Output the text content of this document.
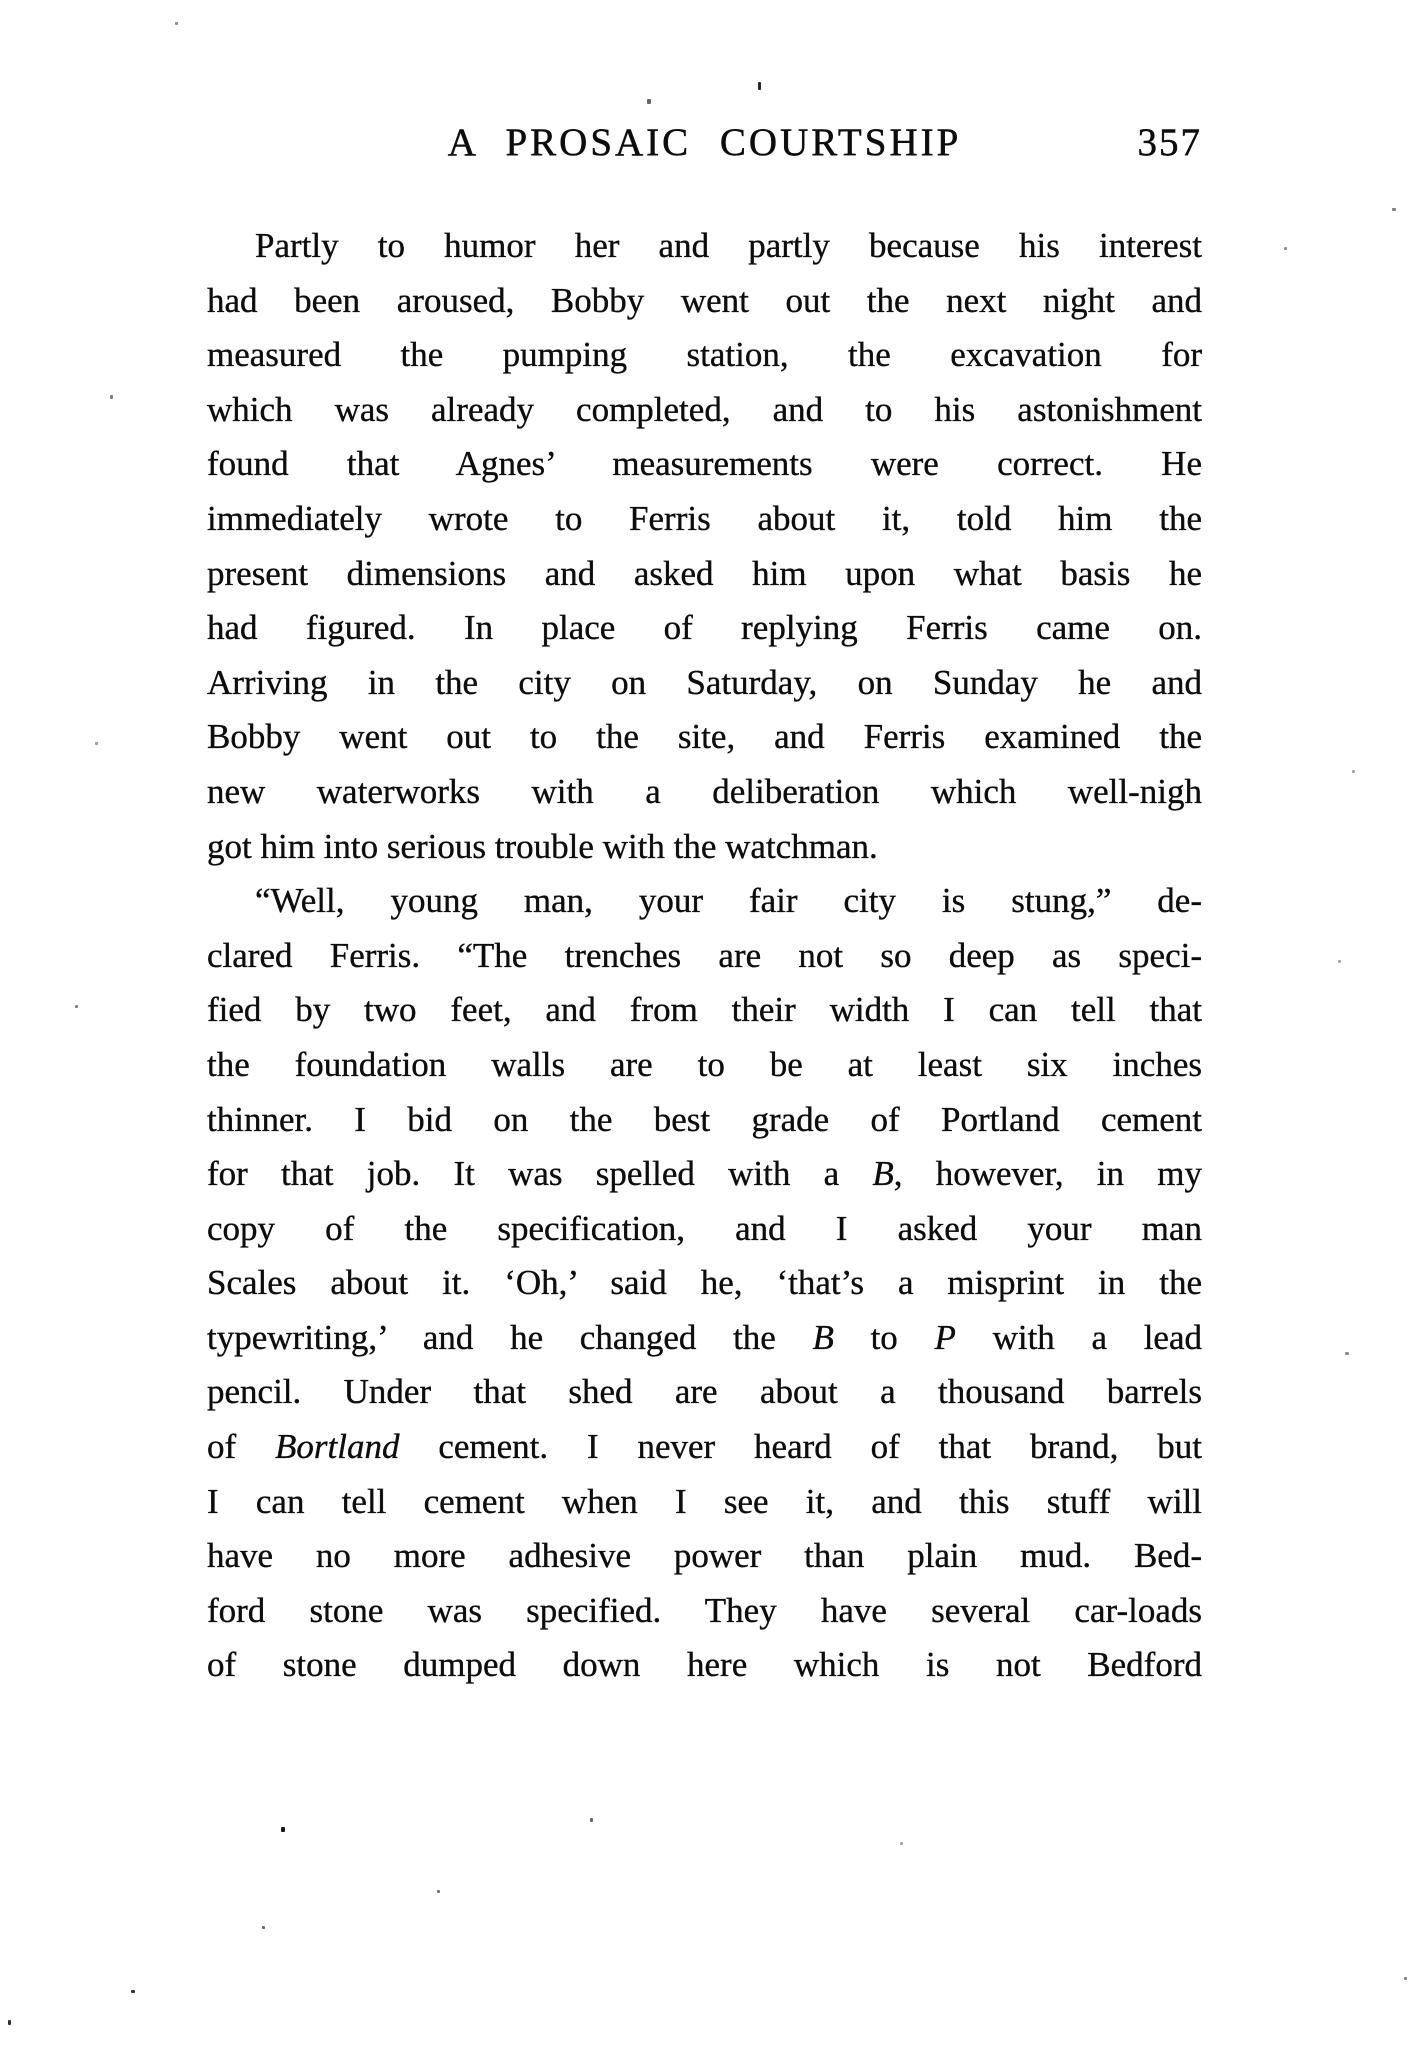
A PROSAIC COURTSHIP	357
Partly to humor her and partly because his interest
had been aroused, Bobby went out the next night and
measured the pumping station, the excavation for
which was already completed, and to his astonishment
found that Agnes’ measurements were correct. He
immediately wrote to Ferris about it, told him the
present dimensions and asked him upon what basis he
had figured. In place of replying Ferris came on.
Arriving in the city on Saturday, on Sunday he and
Bobby went out to the site, and Ferris examined the
new waterworks with a deliberation which well-nigh
got him into serious trouble with the watchman.
“Well, young man, your fair city is stung,” de-
clared Ferris. “The trenches are not so deep as speci-
fied by two feet, and from their width I can tell that
the foundation walls are to be at least six inches
thinner. I bid on the best grade of Portland cement
for that job. It was spelled with a B, however, in my
copy of the specification, and I asked your man
Scales about it. ‘Oh,’ said he, ‘that’s a misprint in the
typewriting,’ and he changed the B to P with a lead
pencil. Under that shed are about a thousand barrels
of Bortland cement. I never heard of that brand, but
I can tell cement when I see it, and this stuff will
have no more adhesive power than plain mud. Bed-
ford stone was specified. They have several car-loads
of stone dumped down here which is not Bedford
